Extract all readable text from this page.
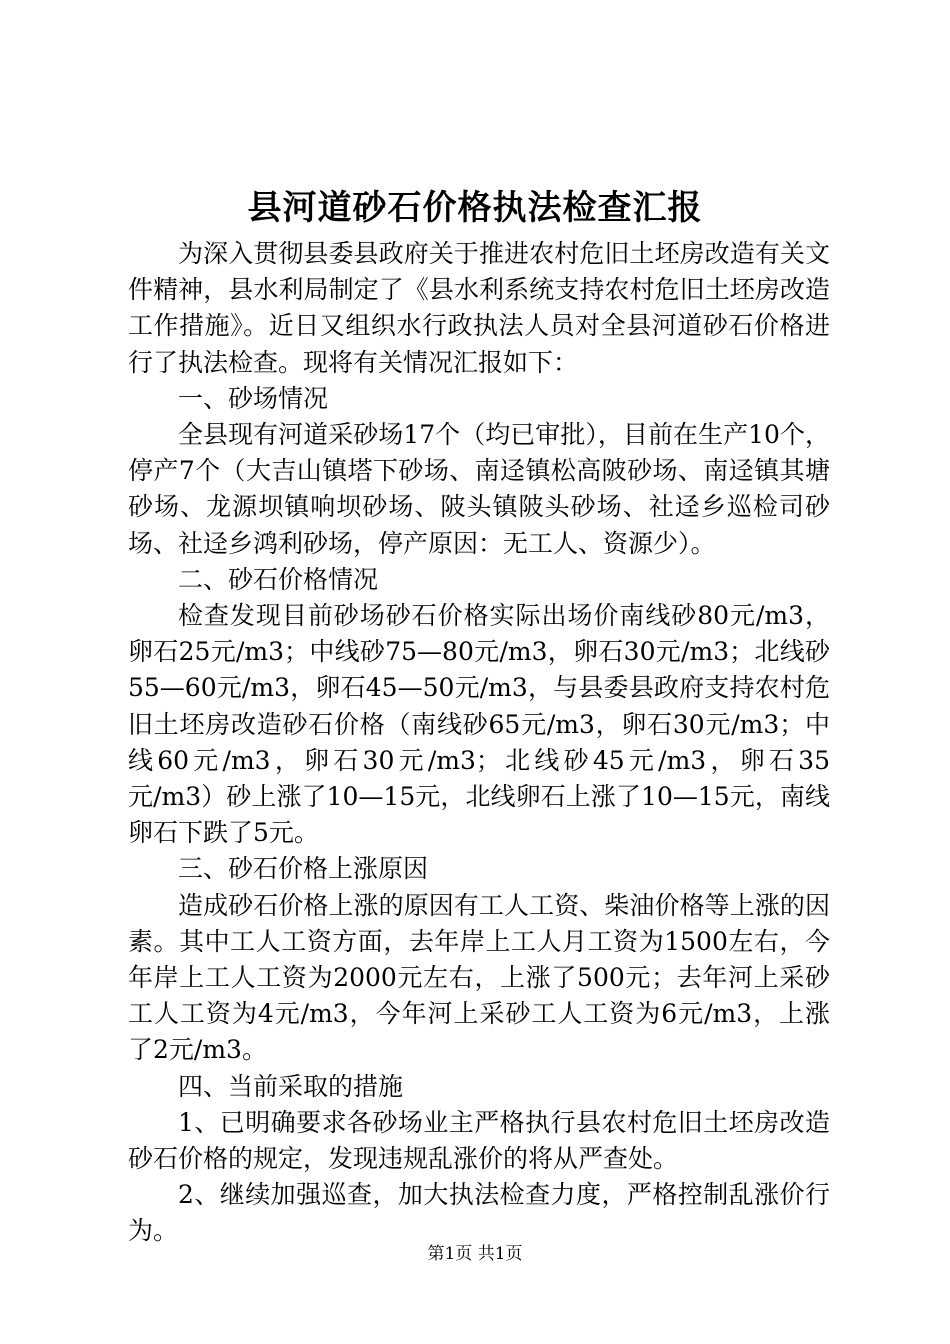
县河道砂石价格执法检查汇报

为深入贯彻县委县政府关于推进农村危旧土坯房改造有关文件精神，县水利局制定了《县水利系统支持农村危旧土坯房改造工作措施》。近日又组织水行政执法人员对全县河道砂石价格进行了执法检查。现将有关情况汇报如下：

一、砂场情况

全县现有河道采砂场17个（均已审批），目前在生产10个，停产7个（大吉山镇塔下砂场、南迳镇松高陂砂场、南迳镇其塘砂场、龙源坝镇响坝砂场、陂头镇陂头砂场、社迳乡巡检司砂场、社迳乡鸿利砂场，停产原因：无工人、资源少）。

二、砂石价格情况

检查发现目前砂场砂石价格实际出场价南线砂80元/m3，卵石25元/m3；中线砂75—80元/m3，卵石30元/m3；北线砂55—60元/m3，卵石45—50元/m3，与县委县政府支持农村危旧土坯房改造砂石价格（南线砂65元/m3，卵石30元/m3；中线60元/m3，卵石30元/m3；北线砂45元/m3，卵石35元/m3）砂上涨了10—15元，北线卵石上涨了10—15元，南线卵石下跌了5元。

三、砂石价格上涨原因

造成砂石价格上涨的原因有工人工资、柴油价格等上涨的因素。其中工人工资方面，去年岸上工人月工资为1500左右，今年岸上工人工资为2000元左右，上涨了500元；去年河上采砂工人工资为4元/m3，今年河上采砂工人工资为6元/m3，上涨了2元/m3。

四、当前采取的措施

1、已明确要求各砂场业主严格执行县农村危旧土坯房改造砂石价格的规定，发现违规乱涨价的将从严查处。

2、继续加强巡查，加大执法检查力度，严格控制乱涨价行为。

第1页 共1页
